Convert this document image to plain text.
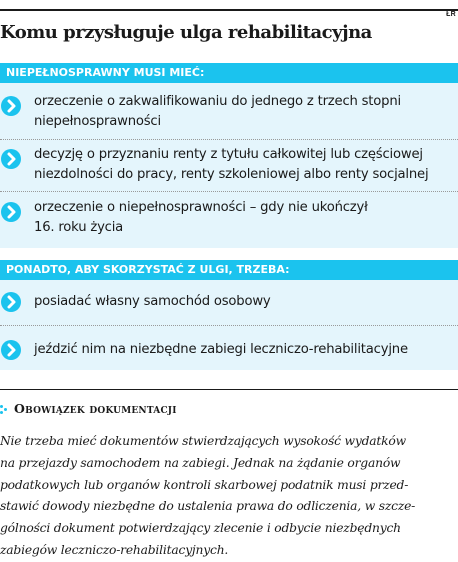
ŁR
Komu przysługuje ulga rehabilitacyjna
NIEPEŁNOSPRAWNY MUSI MIEĆ:
orzeczenie o zakwalifikowaniu do jednego z trzech stopni
niepełnosprawności
decyzję o przyznaniu renty z tytułu całkowitej lub częściowej
niezdolności do pracy, renty szkoleniowej albo renty socjalnej
orzeczenie o niepełnosprawności – gdy nie ukończył
16. roku życia
PONADTO, ABY SKORZYSTAĆ Z ULGI, TRZEBA:
posiadać własny samochód osobowy
jeździć nim na niezbędne zabiegi leczniczo-rehabilitacyjne
Obowiązek dokumentacji
Nie trzeba mieć dokumentów stwierdzających wysokość wydatków
na przejazdy samochodem na zabiegi. Jednak na żądanie organów
podatkowych lub organów kontroli skarbowej podatnik musi przed-
stawić dowody niezbędne do ustalenia prawa do odliczenia, w szcze-
gólności dokument potwierdzający zlecenie i odbycie niezbędnych
zabiegów leczniczo-rehabilitacyjnych.
